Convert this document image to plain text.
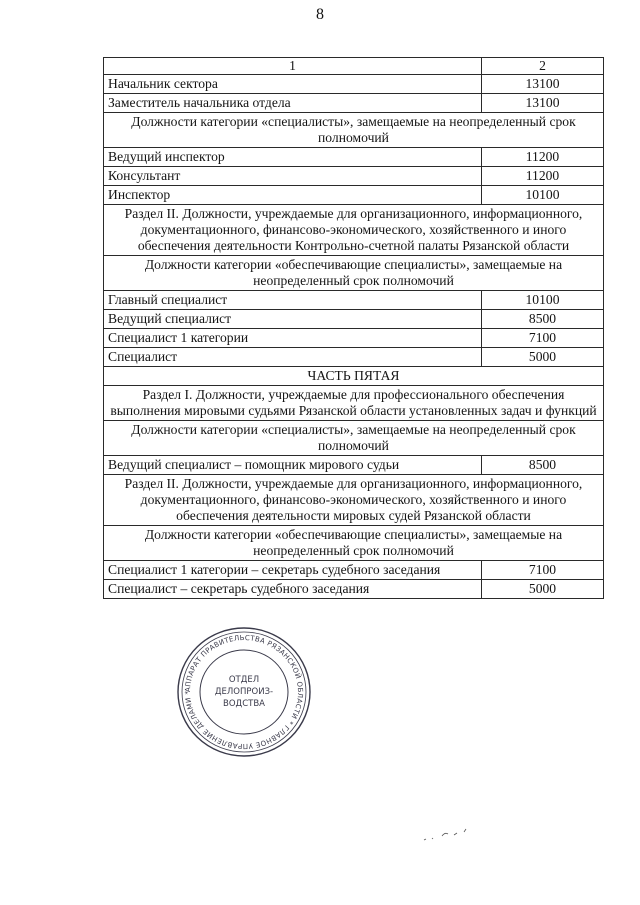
8
1	2
Начальник сектора	13100
Заместитель начальника отдела	13100
Должности категории «специалисты», замещаемые на неопределенный срок полномочий	
Ведущий инспектор	11200
Консультант	11200
Инспектор	10100
Раздел II. Должности, учреждаемые для организационного, информационного, документационного, финансово-экономического, хозяйственного и иного обеспечения деятельности Контрольно-счетной палаты Рязанской области	
Должности категории «обеспечивающие специалисты», замещаемые на неопределенный срок полномочий	
Главный специалист	10100
Ведущий специалист	8500
Специалист 1 категории	7100
Специалист	5000
ЧАСТЬ ПЯТАЯ	
Раздел I. Должности, учреждаемые для профессионального обеспечения выполнения мировыми судьями Рязанской области установленных задач и функций	
Должности категории «специалисты», замещаемые на неопределенный срок полномочий	
Ведущий специалист – помощник мирового судьи	8500
Раздел II. Должности, учреждаемые для организационного, информационного, документационного, финансово-экономического, хозяйственного и иного обеспечения деятельности мировых судей Рязанской области	
Должности категории «обеспечивающие специалисты», замещаемые на неопределенный срок полномочий	
Специалист 1 категории – секретарь судебного заседания	7100
Специалист – секретарь судебного заседания	5000
АППАРАТ ПРАВИТЕЛЬСТВА РЯЗАНСКОЙ ОБЛАСТИ * ГЛАВНОЕ УПРАВЛЕНИЕ ДЕЛАМИ *
ОТДЕЛ ДЕЛОПРОИЗ-ВОДСТВА
